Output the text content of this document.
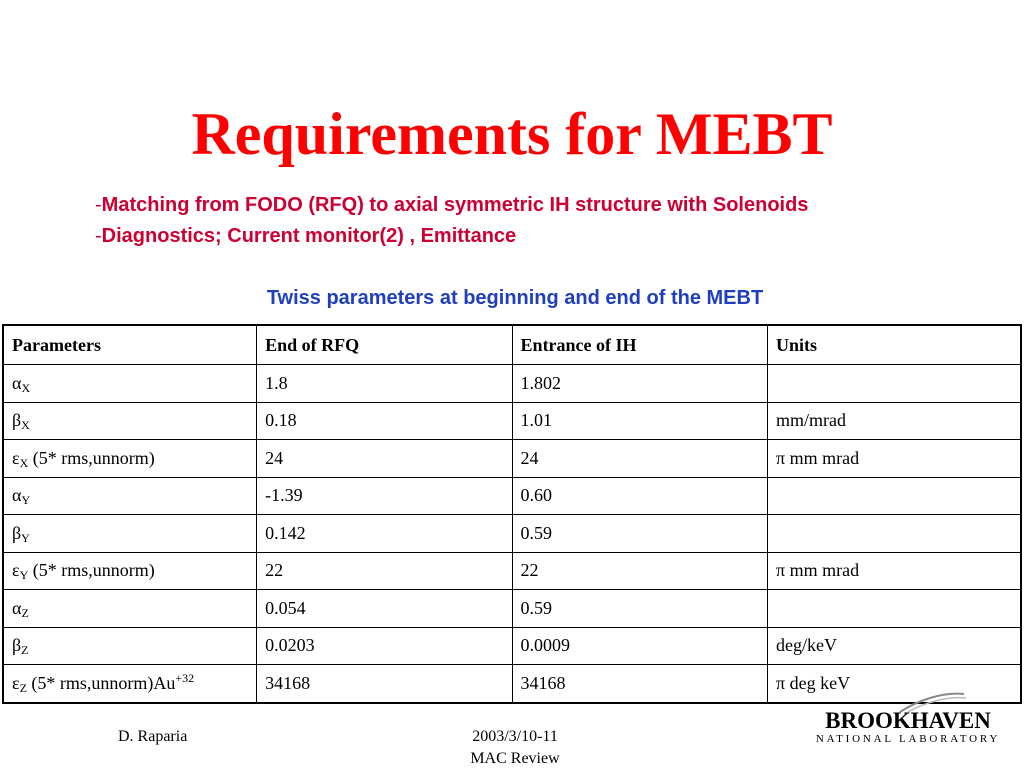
Requirements for MEBT
-Matching from FODO (RFQ) to axial symmetric IH structure with Solenoids
-Diagnostics; Current monitor(2) , Emittance
Twiss parameters at beginning and end of the MEBT
Parameters	End of RFQ	Entrance of IH	Units
$\alpha_X$	1.8	1.802	
$\beta_X$	0.18	1.01	mm/mrad
$\varepsilon_X$ (5* rms,unnorm)	24	24	π mm mrad
$\alpha_Y$	-1.39	0.60	
$\beta_Y$	0.142	0.59	
$\varepsilon_Y$ (5* rms,unnorm)	22	22	π mm mrad
$\alpha_Z$	0.054	0.59	
$\beta_Z$	0.0203	0.0009	deg/keV
$\varepsilon_Z$ (5* $rms,unnorm)Au^{+32}$	34168	34168	π deg keV
D. Raparia	2003/3/10-11
MAC Review
BROOKHAVEN
NATIONAL LABORATORY
